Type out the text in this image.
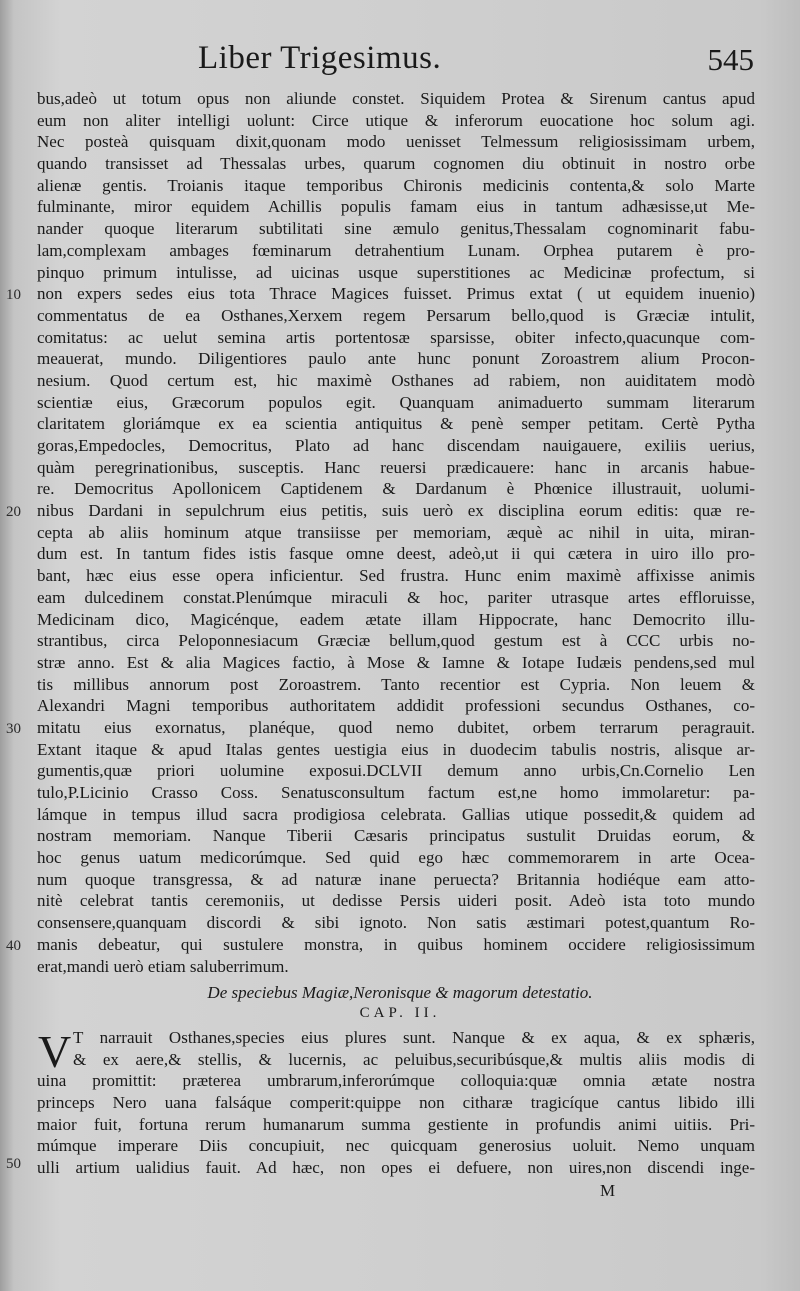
Liber Trigesimus.	545
10
20
30
40
50
bus,adeò ut totum opus non aliunde constet. Siquidem Protea & Sirenum cantus apud
eum non aliter intelligi uolunt: Circe utique & inferorum euocatione hoc solum agi.
Nec posteà quisquam dixit,quonam modo uenisset Telmessum religiosissimam urbem,
quando transisset ad Thessalas urbes, quarum cognomen diu obtinuit in nostro orbe
alienæ gentis. Troianis itaque temporibus Chironis medicinis contenta,& solo Marte
fulminante, miror equidem Achillis populis famam eius in tantum adhæsisse,ut Me-
nander quoque literarum subtilitati sine æmulo genitus,Thessalam cognominarit fabu-
lam,complexam ambages fœminarum detrahentium Lunam. Orphea putarem è pro-
pinquo primum intulisse, ad uicinas usque superstitiones ac Medicinæ profectum, si
non expers sedes eius tota Thrace Magices fuisset. Primus extat ( ut equidem inuenio)
commentatus de ea Osthanes,Xerxem regem Persarum bello,quod is Græciæ intulit,
comitatus: ac uelut semina artis portentosæ sparsisse, obiter infecto,quacunque com-
meauerat, mundo. Diligentiores paulo ante hunc ponunt Zoroastrem alium Procon-
nesium. Quod certum est, hic maximè Osthanes ad rabiem, non auiditatem modò
scientiæ eius, Græcorum populos egit. Quanquam animaduerto summam literarum
claritatem gloriámque ex ea scientia antiquitus & penè semper petitam. Certè Pytha
goras,Empedocles, Democritus, Plato ad hanc discendam nauigauere, exiliis uerius,
quàm peregrinationibus, susceptis. Hanc reuersi prædicauere: hanc in arcanis habue-
re. Democritus Apollonicem Captidenem & Dardanum è Phœnice illustrauit, uolumi-
nibus Dardani in sepulchrum eius petitis, suis uerò ex disciplina eorum editis: quæ re-
cepta ab aliis hominum atque transiisse per memoriam, æquè ac nihil in uita, miran-
dum est. In tantum fides istis fasque omne deest, adeò,ut ii qui cætera in uiro illo pro-
bant, hæc eius esse opera inficientur. Sed frustra. Hunc enim maximè affixisse animis
eam dulcedinem constat.Plenúmque miraculi & hoc, pariter utrasque artes effloruisse,
Medicinam dico, Magicénque, eadem ætate illam Hippocrate, hanc Democrito illu-
strantibus, circa Peloponnesiacum Græciæ bellum,quod gestum est à CCC urbis no-
stræ anno. Est & alia Magices factio, à Mose & Iamne & Iotape Iudæis pendens,sed mul
tis millibus annorum post Zoroastrem. Tanto recentior est Cypria. Non leuem &
Alexandri Magni temporibus authoritatem addidit professioni secundus Osthanes, co-
mitatu eius exornatus, planéque, quod nemo dubitet, orbem terrarum peragrauit.
Extant itaque & apud Italas gentes uestigia eius in duodecim tabulis nostris, alisque ar-
gumentis,quæ priori uolumine exposui.DCLVII demum anno urbis,Cn.Cornelio Len
tulo,P.Licinio Crasso Coss. Senatusconsultum factum est,ne homo immolaretur: pa-
lámque in tempus illud sacra prodigiosa celebrata. Gallias utique possedit,& quidem ad
nostram memoriam. Nanque Tiberii Cæsaris principatus sustulit Druidas eorum, &
hoc genus uatum medicorúmque. Sed quid ego hæc commemorarem in arte Ocea-
num quoque transgressa, & ad naturæ inane peruecta? Britannia hodiéque eam atto-
nitè celebrat tantis ceremoniis, ut dedisse Persis uideri posit. Adeò ista toto mundo
consensere,quanquam discordi & sibi ignoto. Non satis æstimari potest,quantum Ro-
manis debeatur, qui sustulere monstra, in quibus hominem occidere religiosissimum
erat,mandi uerò etiam saluberrimum.
De speciebus Magiæ,Neronisque & magorum detestatio.
CAP. II.
V T narrauit Osthanes,species eius plures sunt. Nanque & ex aqua, & ex sphæris,
& ex aere,& stellis, & lucernis, ac peluibus,securibúsque,& multis aliis modis di
uina promittit: præterea umbrarum,inferorúmque colloquia:quæ omnia ætate nostra
princeps Nero uana falsáque comperit:quippe non citharæ tragicíque cantus libido illi
maior fuit, fortuna rerum humanarum summa gestiente in profundis animi uitiis. Pri-
múmque imperare Diis concupiuit, nec quicquam generosius uoluit. Nemo unquam
ulli artium ualidius fauit. Ad hæc, non opes ei defuere, non uires,non discendi inge-
M
